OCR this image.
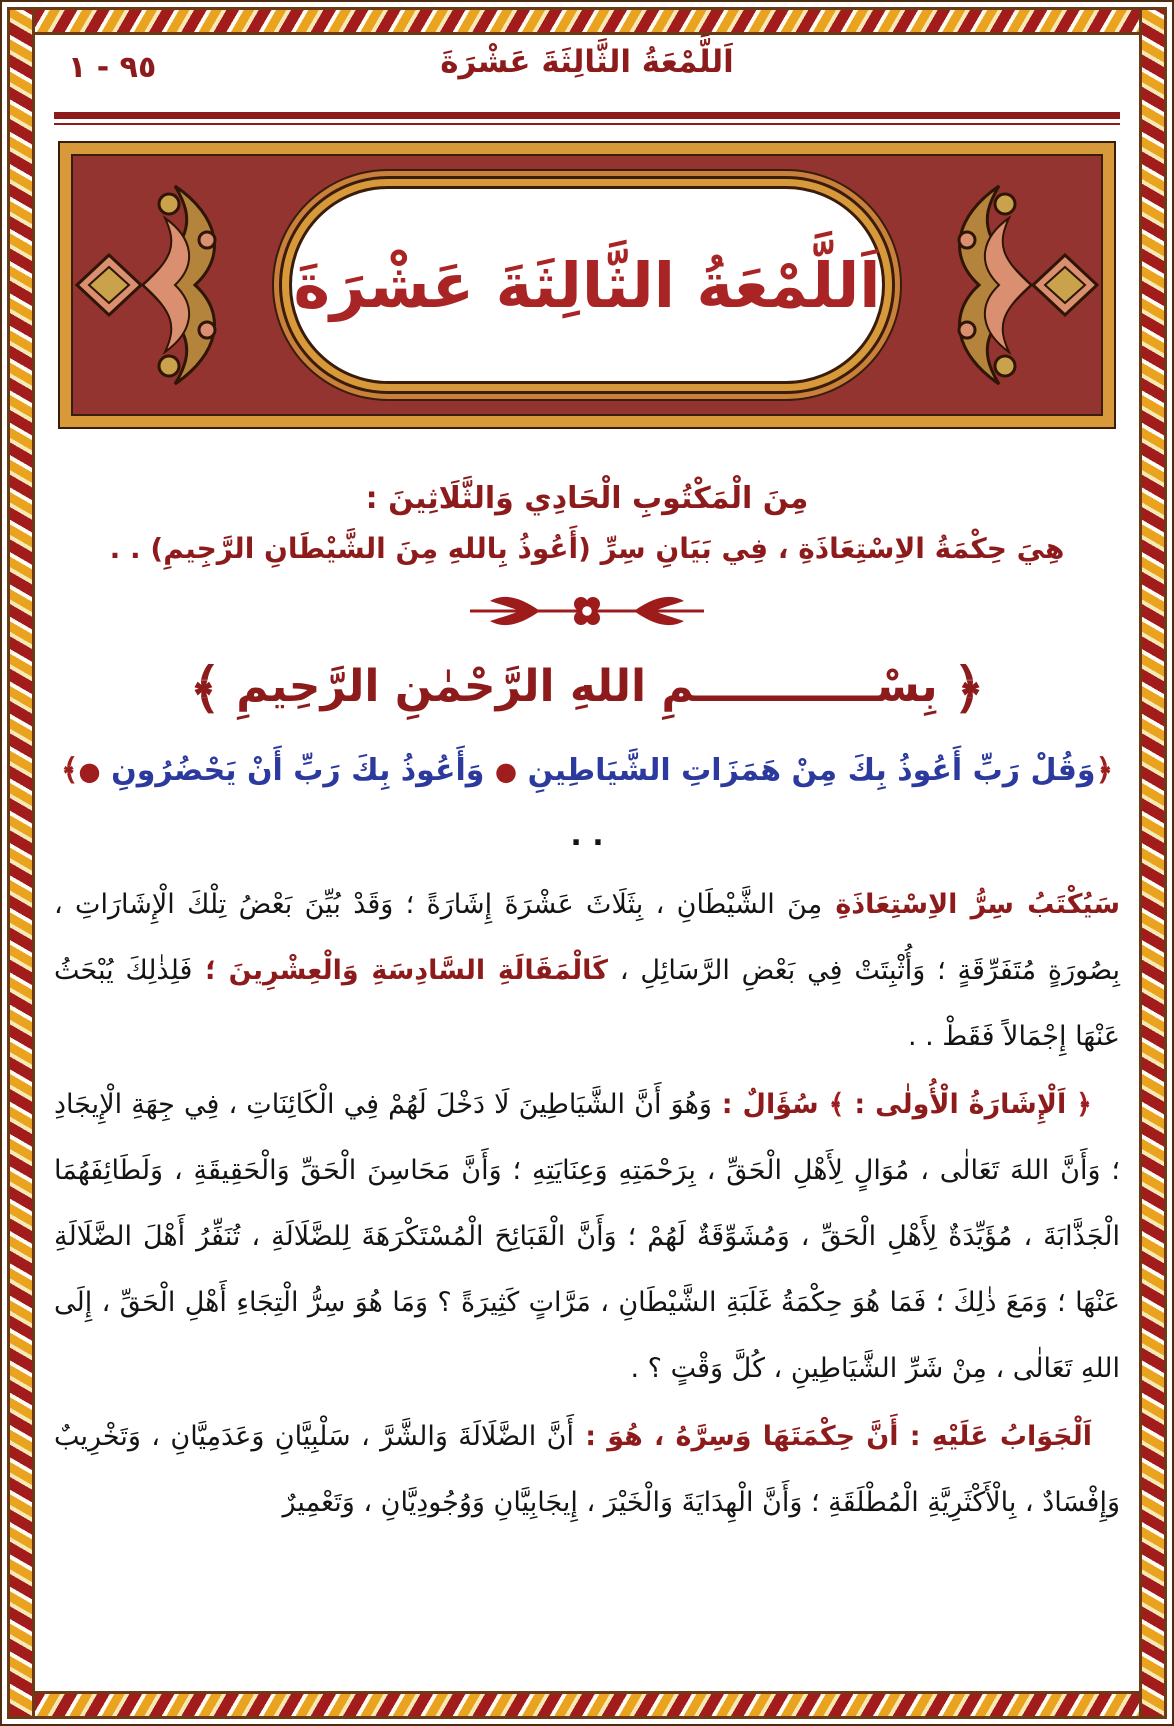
٩٥ - ١	اَللَّمْعَةُ الثَّالِثَةَ عَشْرَةَ
اَللَّمْعَةُ الثَّالِثَةَ عَشْرَةَ
مِنَ الْمَكْتُوبِ الْحَادِي وَالثَّلَاثِينَ :
هِيَ حِكْمَةُ الاِسْتِعَاذَةِ ، فِي بَيَانِ سِرِّ (أَعُوذُ بِاللهِ مِنَ الشَّيْطَانِ الرَّجِيمِ) . .
﴿ بِسْــــــــــــمِ اللهِ الرَّحْمٰنِ الرَّحِيمِ ﴾
﴿وَقُلْ رَبِّ أَعُوذُ بِكَ مِنْ هَمَزَاتِ الشَّيَاطِينِ ● وَأَعُوذُ بِكَ رَبِّ أَنْ يَحْضُرُونِ ●﴾ . .

سَيُكْتَبُ سِرُّ الاِسْتِعَاذَةِ مِنَ الشَّيْطَانِ ، بِثَلَاثَ عَشْرَةَ إِشَارَةً ؛ وَقَدْ بُيِّنَ بَعْضُ تِلْكَ الْإِشَارَاتِ ، بِصُورَةٍ مُتَفَرِّقَةٍ ؛ وَأُثْبِتَتْ فِي بَعْضِ الرَّسَائِلِ ، كَالْمَقَالَةِ السَّادِسَةِ وَالْعِشْرِينَ ؛ فَلِذٰلِكَ يُبْحَثُ عَنْهَا إِجْمَالاً فَقَطْ . .

﴿ اَلْإِشَارَةُ الْأُولٰى : ﴾ سُؤَالٌ : وَهُوَ أَنَّ الشَّيَاطِينَ لَا دَخْلَ لَهُمْ فِي الْكَائِنَاتِ ، فِي جِهَةِ الْإِيجَادِ ؛ وَأَنَّ اللهَ تَعَالٰى ، مُوَالٍ لِأَهْلِ الْحَقِّ ، بِرَحْمَتِهِ وَعِنَايَتِهِ ؛ وَأَنَّ مَحَاسِنَ الْحَقِّ وَالْحَقِيقَةِ ، وَلَطَائِفَهُمَا الْجَذَّابَةَ ، مُؤَيِّدَةٌ لِأَهْلِ الْحَقِّ ، وَمُشَوِّقَةٌ لَهُمْ ؛ وَأَنَّ الْقَبَائِحَ الْمُسْتَكْرَهَةَ لِلضَّلَالَةِ ، تُنَفِّرُ أَهْلَ الضَّلَالَةِ عَنْهَا ؛ وَمَعَ ذٰلِكَ ؛ فَمَا هُوَ حِكْمَةُ غَلَبَةِ الشَّيْطَانِ ، مَرَّاتٍ كَثِيرَةً ؟ وَمَا هُوَ سِرُّ الْتِجَاءِ أَهْلِ الْحَقِّ ، إِلَى اللهِ تَعَالٰى ، مِنْ شَرِّ الشَّيَاطِينِ ، كُلَّ وَقْتٍ ؟ .

اَلْجَوَابُ عَلَيْهِ : أَنَّ حِكْمَتَهَا وَسِرَّهُ ، هُوَ : أَنَّ الضَّلَالَةَ وَالشَّرَّ ، سَلْبِيَّانِ وَعَدَمِيَّانِ ، وَتَخْرِيبٌ وَإِفْسَادٌ ، بِالْأَكْثَرِيَّةِ الْمُطْلَقَةِ ؛ وَأَنَّ الْهِدَايَةَ وَالْخَيْرَ ، إِيجَابِيَّانِ وَوُجُودِيَّانِ ، وَتَعْمِيرٌ
